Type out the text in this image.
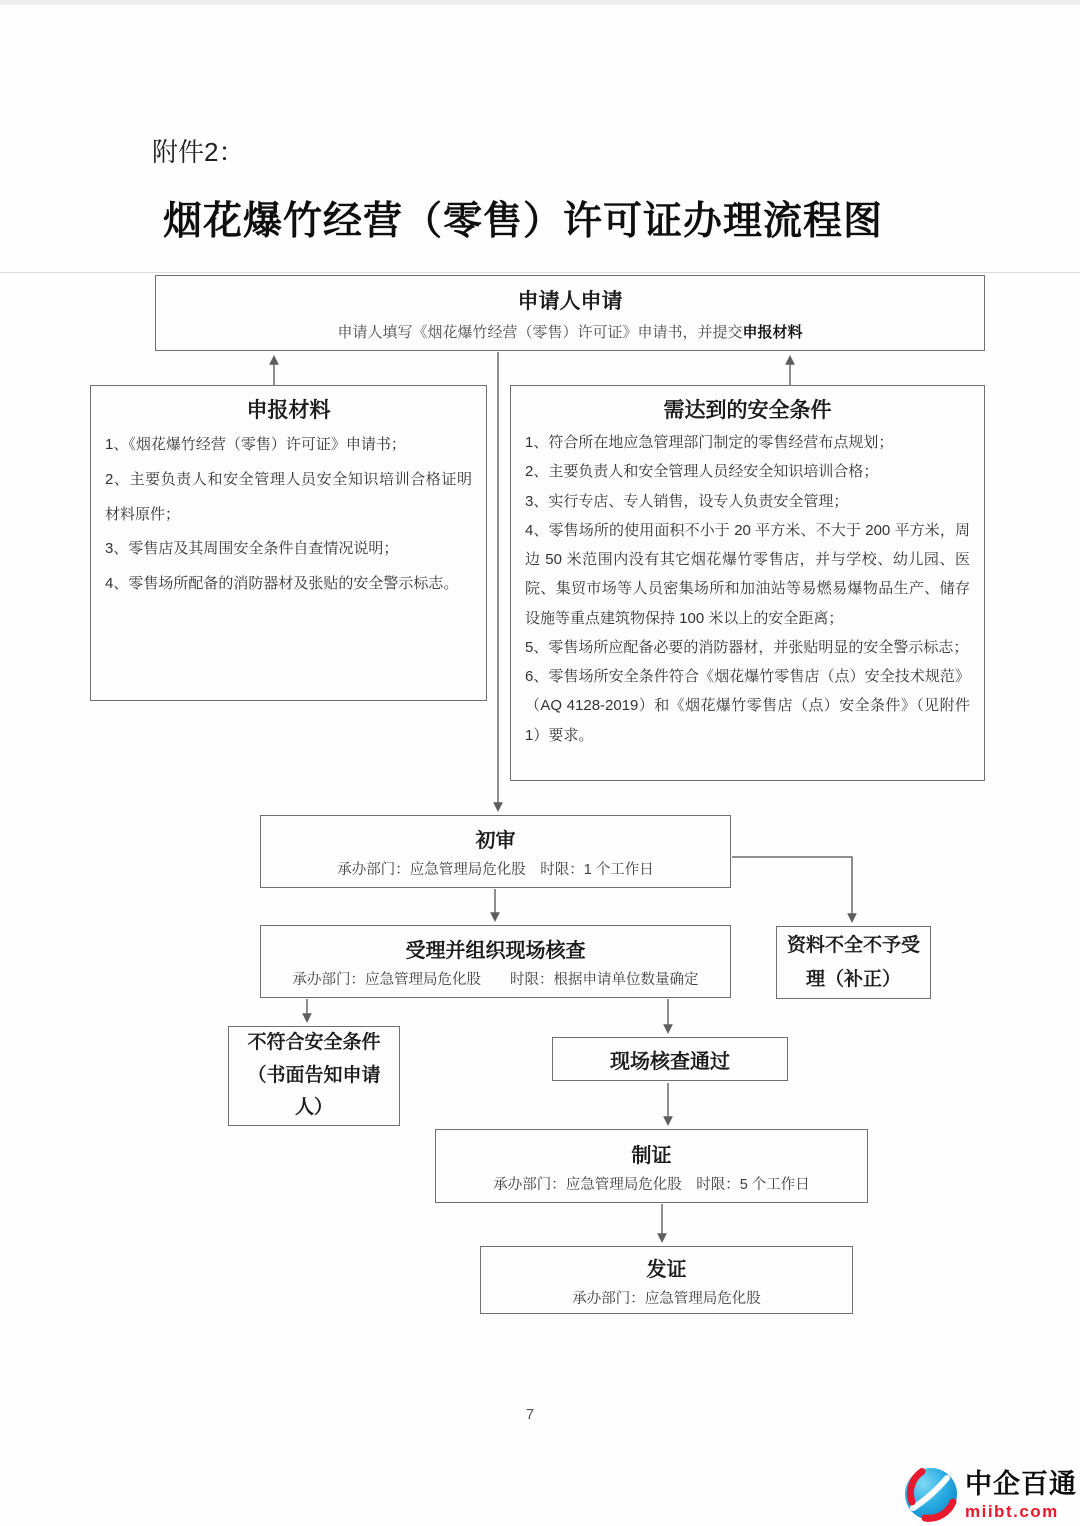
附件2：
烟花爆竹经营（零售）许可证办理流程图
申请人申请
申请人填写《烟花爆竹经营（零售）许可证》申请书，并提交申报材料
申报材料
1、《烟花爆竹经营（零售）许可证》申请书；
2、主要负责人和安全管理人员安全知识培训合格证明材料原件；
3、零售店及其周围安全条件自查情况说明；
4、零售场所配备的消防器材及张贴的安全警示标志。
需达到的安全条件
1、符合所在地应急管理部门制定的零售经营布点规划；
2、主要负责人和安全管理人员经安全知识培训合格；
3、实行专店、专人销售，设专人负责安全管理；
4、零售场所的使用面积不小于 20 平方米、不大于 200 平方米，周边 50 米范围内没有其它烟花爆竹零售店，并与学校、幼儿园、医院、集贸市场等人员密集场所和加油站等易燃易爆物品生产、储存设施等重点建筑物保持 100 米以上的安全距离；
5、零售场所应配备必要的消防器材，并张贴明显的安全警示标志；
6、零售场所安全条件符合《烟花爆竹零售店（点）安全技术规范》（AQ 4128-2019）和《烟花爆竹零售店（点）安全条件》（见附件1）要求。
初审
承办部门：应急管理局危化股　时限：1 个工作日
受理并组织现场核查
承办部门：应急管理局危化股　　时限：根据申请单位数量确定
资料不全不予受理（补正）
不符合安全条件（书面告知申请人）
现场核查通过
制证
承办部门：应急管理局危化股　时限：5 个工作日
发证
承办部门：应急管理局危化股
7
中企百通
miibt.com
